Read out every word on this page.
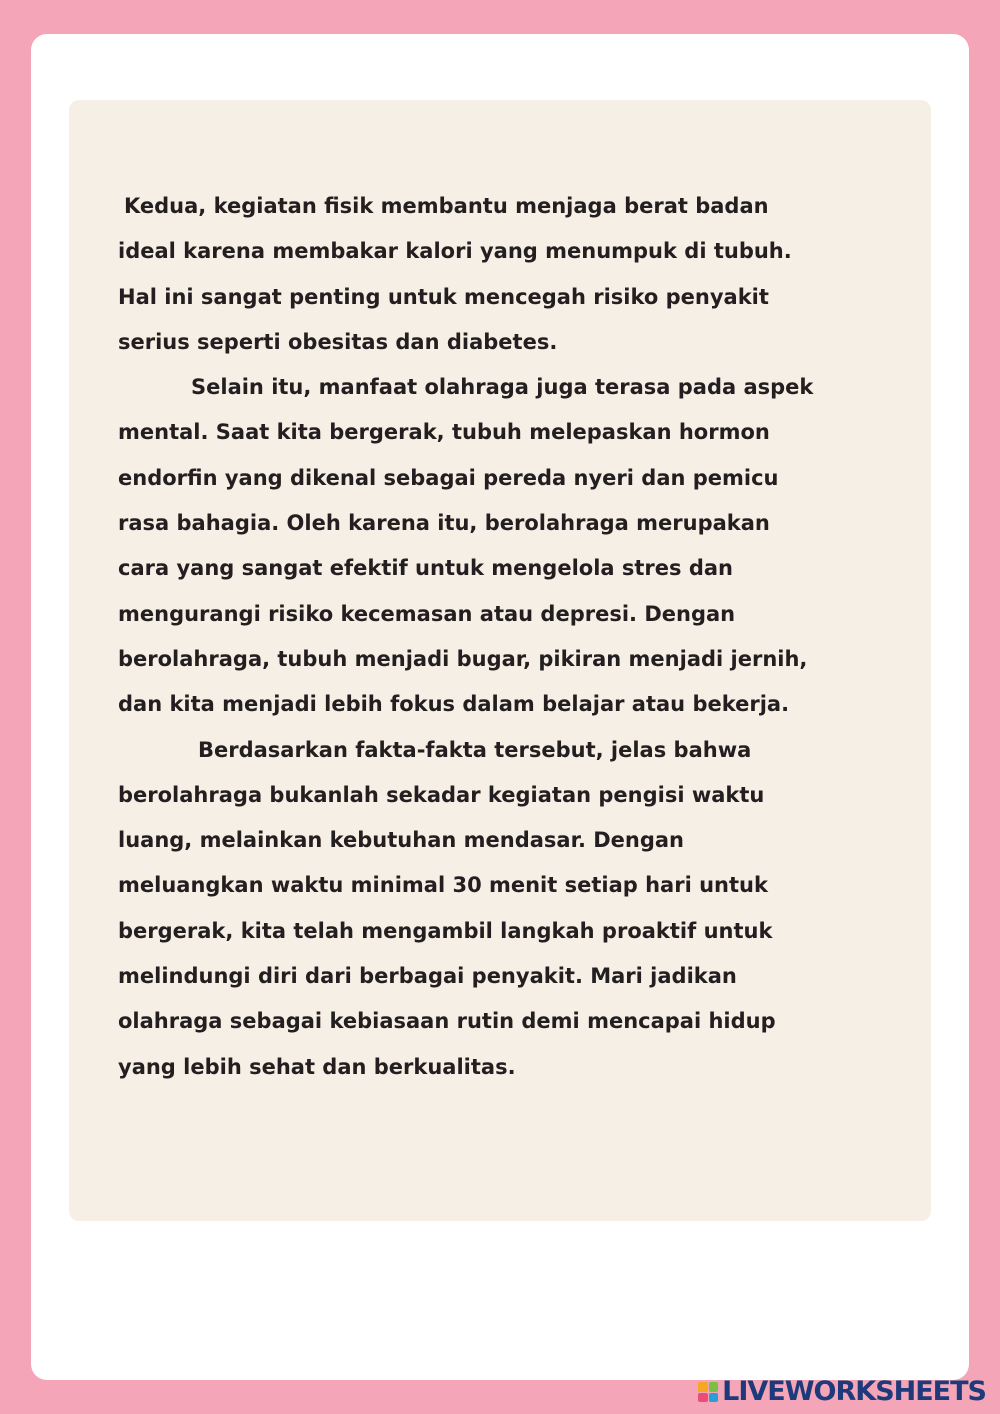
Kedua, kegiatan fisik membantu menjaga berat badan
ideal karena membakar kalori yang menumpuk di tubuh.
Hal ini sangat penting untuk mencegah risiko penyakit
serius seperti obesitas dan diabetes.
Selain itu, manfaat olahraga juga terasa pada aspek
mental. Saat kita bergerak, tubuh melepaskan hormon
endorfin yang dikenal sebagai pereda nyeri dan pemicu
rasa bahagia. Oleh karena itu, berolahraga merupakan
cara yang sangat efektif untuk mengelola stres dan
mengurangi risiko kecemasan atau depresi. Dengan
berolahraga, tubuh menjadi bugar, pikiran menjadi jernih,
dan kita menjadi lebih fokus dalam belajar atau bekerja.
Berdasarkan fakta-fakta tersebut, jelas bahwa
berolahraga bukanlah sekadar kegiatan pengisi waktu
luang, melainkan kebutuhan mendasar. Dengan
meluangkan waktu minimal 30 menit setiap hari untuk
bergerak, kita telah mengambil langkah proaktif untuk
melindungi diri dari berbagai penyakit. Mari jadikan
olahraga sebagai kebiasaan rutin demi mencapai hidup
yang lebih sehat dan berkualitas.
LIVEWORKSHEETS
